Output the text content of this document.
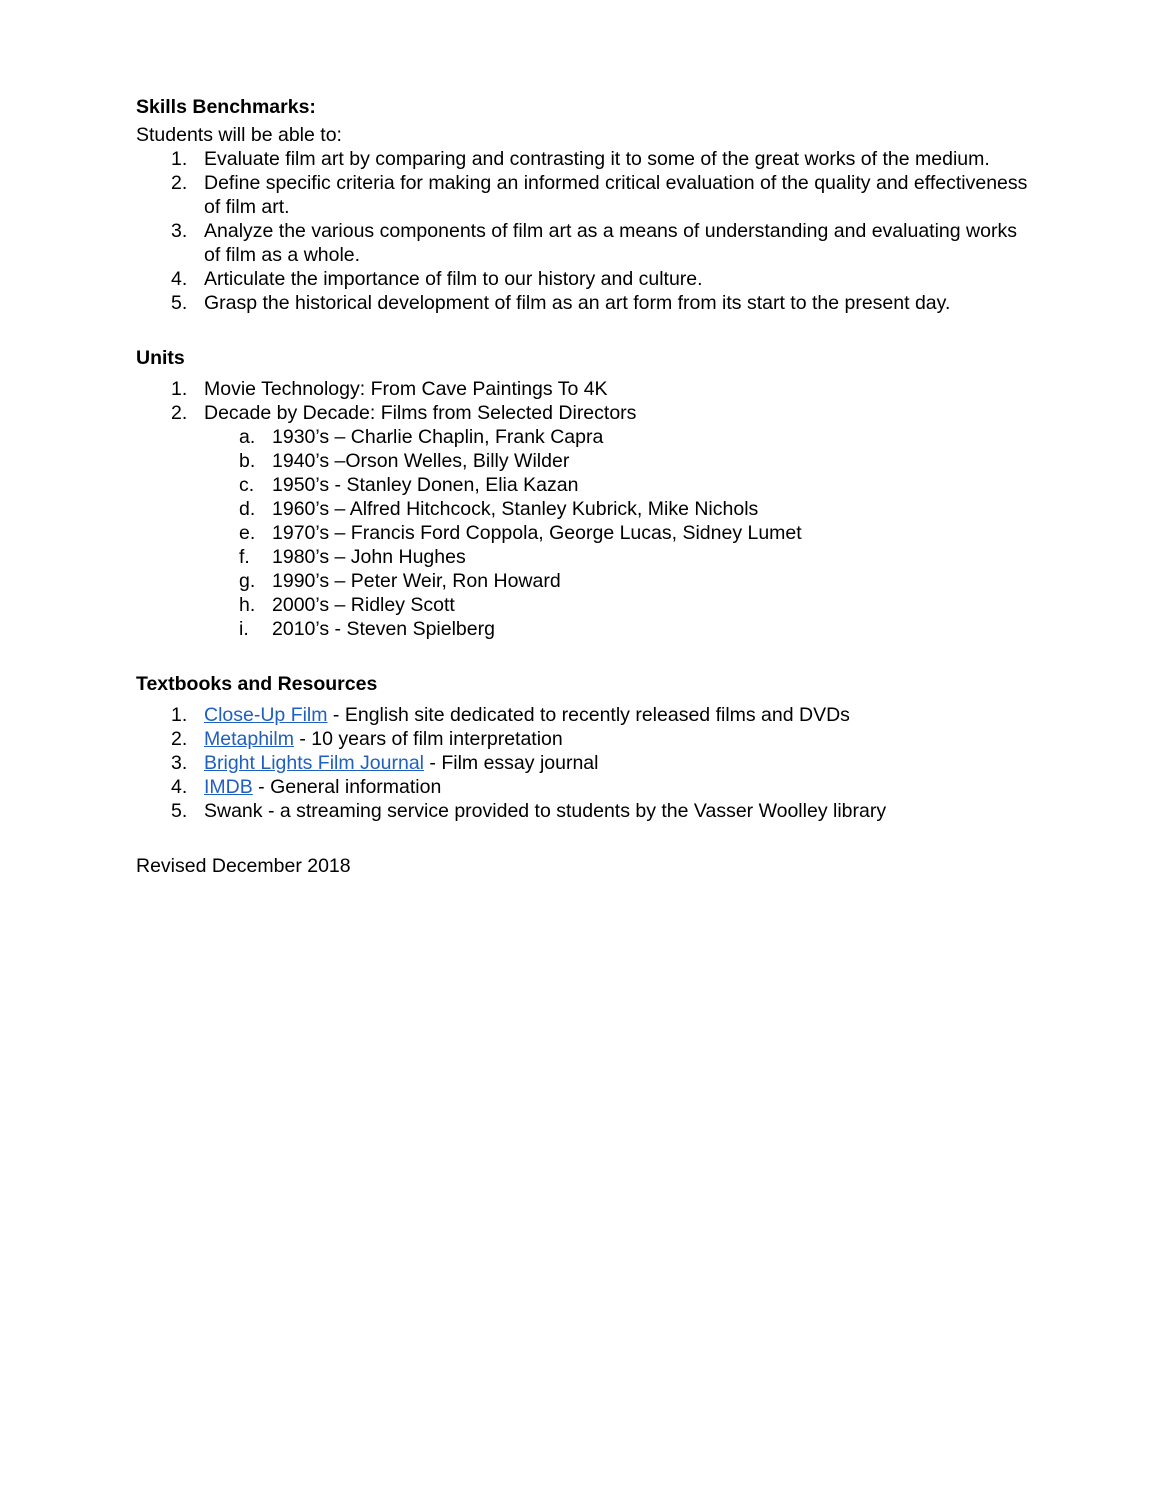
Skills Benchmarks:
Students will be able to:
1. Evaluate film art by comparing and contrasting it to some of the great works of the medium.
2. Define specific criteria for making an informed critical evaluation of the quality and effectiveness of film art.
3. Analyze the various components of film art as a means of understanding and evaluating works of film as a whole.
4. Articulate the importance of film to our history and culture.
5. Grasp the historical development of film as an art form from its start to the present day.
Units
1. Movie Technology: From Cave Paintings To 4K
2. Decade by Decade: Films from Selected Directors
a. 1930’s – Charlie Chaplin, Frank Capra
b. 1940’s –Orson Welles, Billy Wilder
c. 1950’s - Stanley Donen, Elia Kazan
d. 1960’s – Alfred Hitchcock, Stanley Kubrick, Mike Nichols
e. 1970’s – Francis Ford Coppola, George Lucas, Sidney Lumet
f. 1980’s – John Hughes
g. 1990’s – Peter Weir, Ron Howard
h. 2000’s – Ridley Scott
i. 2010’s - Steven Spielberg
Textbooks and Resources
1. Close-Up Film - English site dedicated to recently released films and DVDs
2. Metaphilm - 10 years of film interpretation
3. Bright Lights Film Journal - Film essay journal
4. IMDB - General information
5. Swank - a streaming service provided to students by the Vasser Woolley library
Revised December 2018
